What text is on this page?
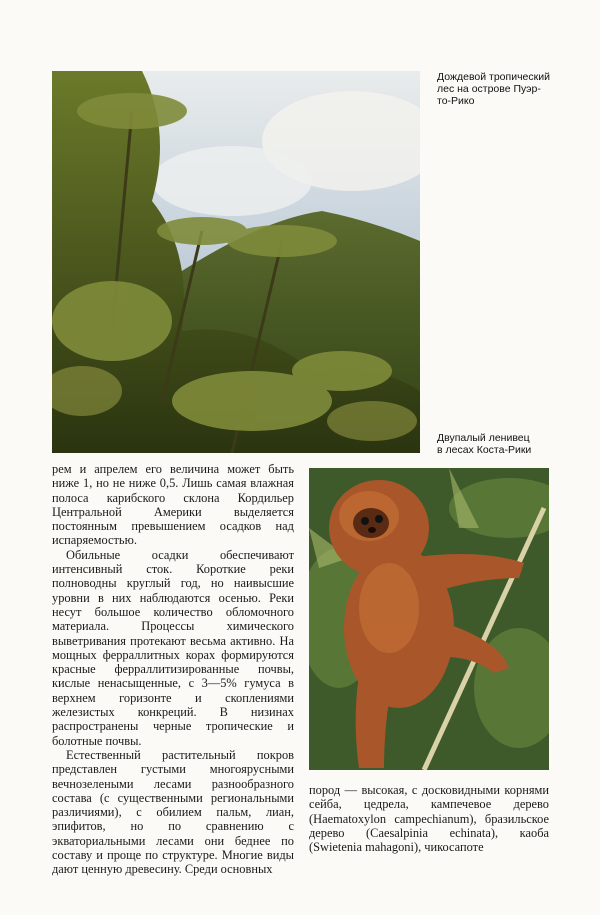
Дождевой тропический
лес на острове Пуэр-
то-Рико
Двупалый ленивец
в лесах Коста-Рики

рем и апрелем его величина может быть ниже 1, но не ниже 0,5. Лишь самая влажная полоса карибского склона Кордильер Центральной Америки выделяется постоянным превышением осадков над испаряемостью.

Обильные осадки обеспечивают интенсивный сток. Короткие реки полноводны круглый год, но наивысшие уровни в них наблюдаются осенью. Реки несут большое количество обломочного материала. Процессы химического выветривания протекают весьма активно. На мощных ферраллитных корах формируются красные ферраллитизированные почвы, кислые ненасыщенные, с 3—5% гумуса в верхнем горизонте и скоплениями железистых конкреций. В низинах распространены черные тропические и болотные почвы.

Естественный растительный покров представлен густыми многоярусными вечнозелеными лесами разнообразного состава (с существенными региональными различиями), с обилием пальм, лиан, эпифитов, но по сравнению с экваториальными лесами они беднее по составу и проще по структуре. Многие виды дают ценную древесину. Среди основных

пород — высокая, с досковидными корнями сейба, цедрела, кампечевое дерево (Haematoxylon campechianum), бразильское дерево (Caesalpinia echinata), каоба (Swietenia mahagoni), чикосапоте
